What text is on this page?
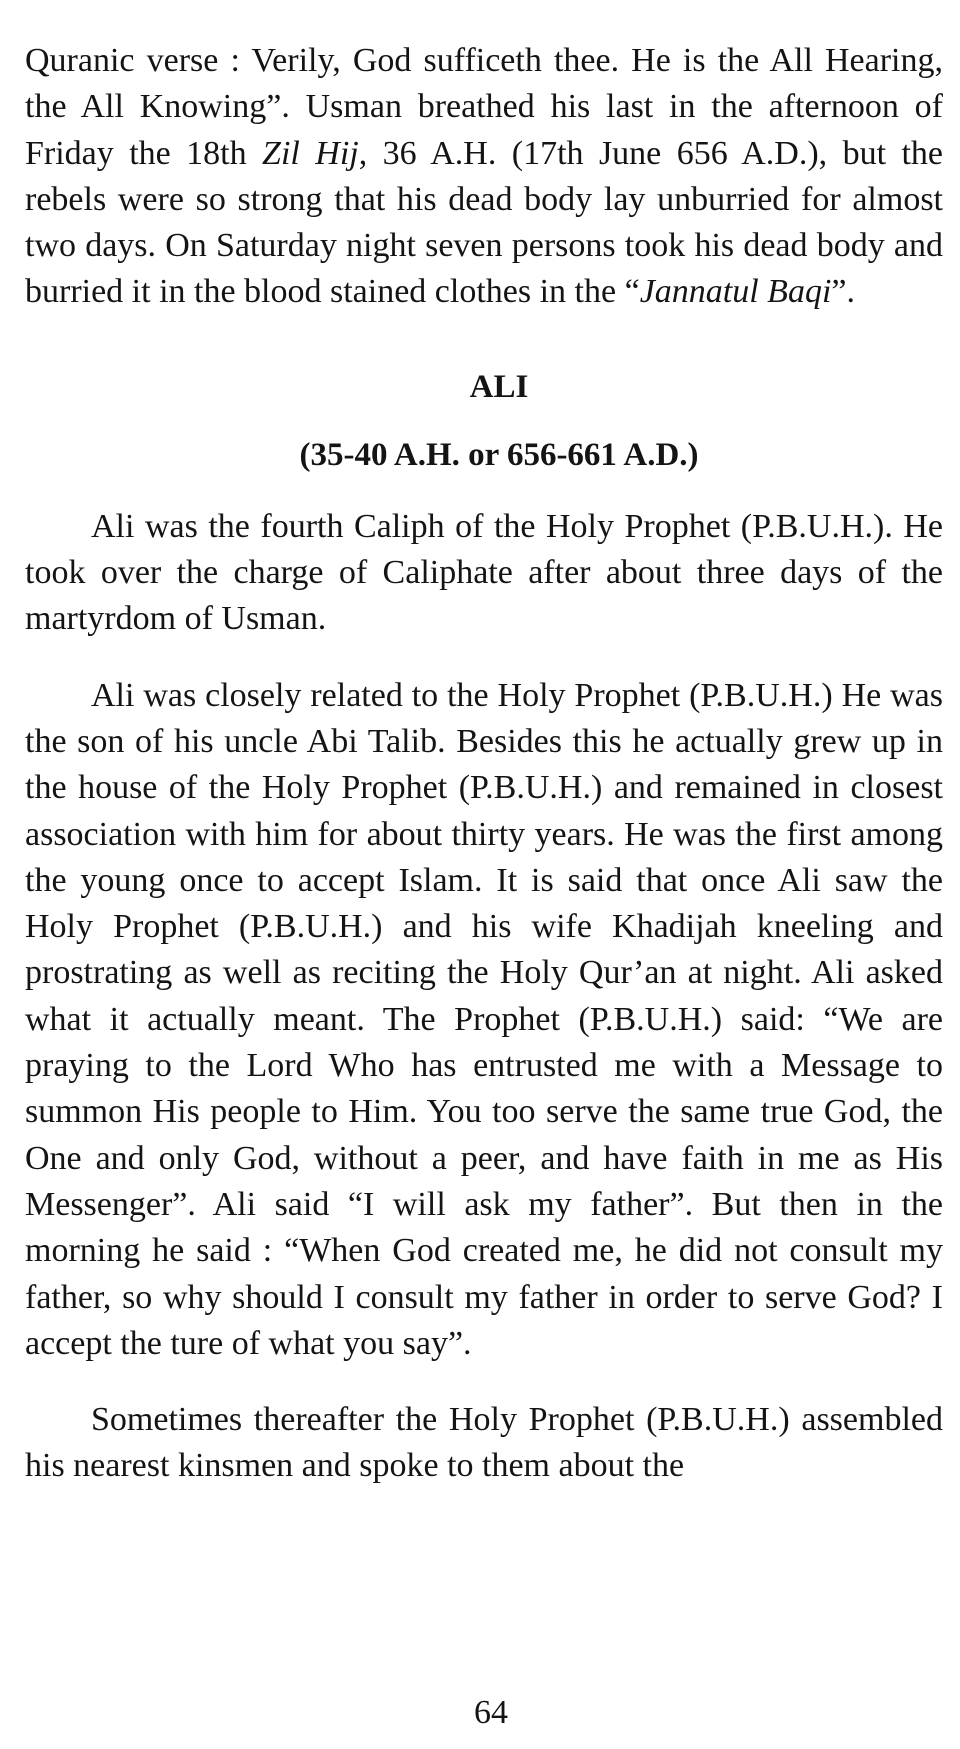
Quranic verse : Verily, God sufficeth thee. He is the All Hearing, the All Knowing”. Usman breathed his last in the afternoon of Friday the 18th Zil Hij, 36 A.H. (17th June 656 A.D.), but the rebels were so strong that his dead body lay unburried for almost two days. On Saturday night seven persons took his dead body and burried it in the blood stained clothes in the “Jannatul Baqi”.

ALI
(35-40 A.H. or 656-661 A.D.)

Ali was the fourth Caliph of the Holy Prophet (P.B.U.H.). He took over the charge of Caliphate after about three days of the martyrdom of Usman.

Ali was closely related to the Holy Prophet (P.B.U.H.) He was the son of his uncle Abi Talib. Besides this he actually grew up in the house of the Holy Prophet (P.B.U.H.) and remained in closest association with him for about thirty years. He was the first among the young once to accept Islam. It is said that once Ali saw the Holy Prophet (P.B.U.H.) and his wife Khadijah kneeling and prostrating as well as reciting the Holy Qur’an at night. Ali asked what it actually meant. The Prophet (P.B.U.H.) said: “We are praying to the Lord Who has entrusted me with a Message to summon His people to Him. You too serve the same true God, the One and only God, without a peer, and have faith in me as His Messenger”. Ali said “I will ask my father”. But then in the morning he said : “When God created me, he did not consult my father, so why should I consult my father in order to serve God? I accept the ture of what you say”.

Sometimes thereafter the Holy Prophet (P.B.U.H.) assembled his nearest kinsmen and spoke to them about the

64
